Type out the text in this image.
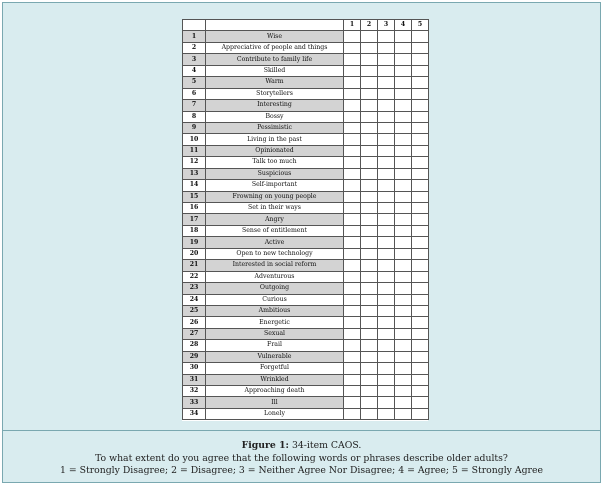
		1	2	3	4	5
1	Wise					
2	Appreciative of people and things					
3	Contribute to family life					
4	Skilled					
5	Warm					
6	Storytellers					
7	Interesting					
8	Bossy					
9	Pessimistic					
10	Living in the past					
11	Opinionated					
12	Talk too much					
13	Suspicious					
14	Self-important					
15	Frowning on young people					
16	Set in their ways					
17	Angry					
18	Sense of entitlement					
19	Active					
20	Open to new technology					
21	Interested in social reform					
22	Adventurous					
23	Outgoing					
24	Curious					
25	Ambitious					
26	Energetic					
27	Sexual					
28	Frail					
29	Vulnerable					
30	Forgetful					
31	Wrinkled					
32	Approaching death					
33	Ill					
34	Lonely					
Figure 1: 34-item CAOS.
To what extent do you agree that the following words or phrases describe older adults?
1 = Strongly Disagree; 2 = Disagree; 3 = Neither Agree Nor Disagree; 4 = Agree; 5 = Strongly Agree
